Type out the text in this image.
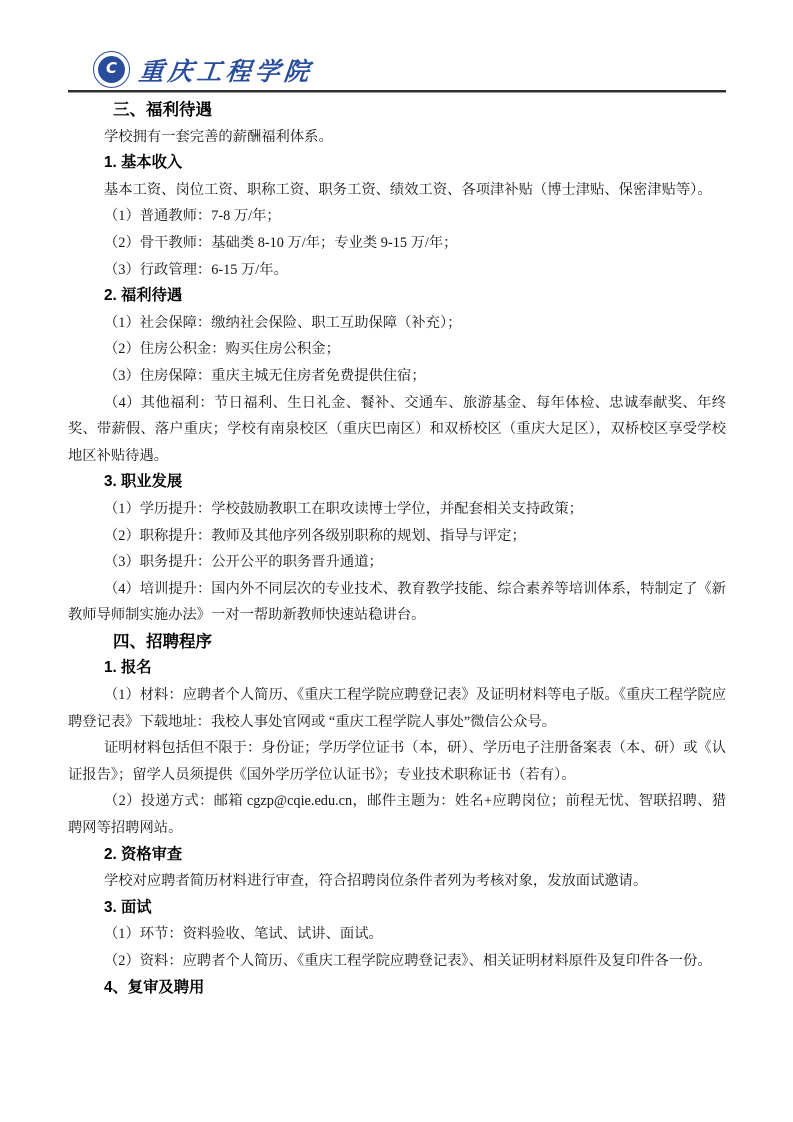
C 重庆工程学院

三、福利待遇

学校拥有一套完善的薪酬福利体系。

1. 基本收入

基本工资、岗位工资、职称工资、职务工资、绩效工资、各项津补贴（博士津贴、保密津贴等）。

（1）普通教师：7-8 万/年；

（2）骨干教师：基础类 8-10 万/年；专业类 9-15 万/年；

（3）行政管理：6-15 万/年。

2. 福利待遇

（1）社会保障：缴纳社会保险、职工互助保障（补充）；

（2）住房公积金：购买住房公积金；

（3）住房保障：重庆主城无住房者免费提供住宿；

（4）其他福利：节日福利、生日礼金、餐补、交通车、旅游基金、每年体检、忠诚奉献奖、年终奖、带薪假、落户重庆；学校有南泉校区（重庆巴南区）和双桥校区（重庆大足区），双桥校区享受学校地区补贴待遇。

3. 职业发展

（1）学历提升：学校鼓励教职工在职攻读博士学位，并配套相关支持政策；

（2）职称提升：教师及其他序列各级别职称的规划、指导与评定；

（3）职务提升：公开公平的职务晋升通道；

（4）培训提升：国内外不同层次的专业技术、教育教学技能、综合素养等培训体系，特制定了《新教师导师制实施办法》一对一帮助新教师快速站稳讲台。

四、招聘程序

1. 报名

（1）材料：应聘者个人简历、《重庆工程学院应聘登记表》及证明材料等电子版。《重庆工程学院应聘登记表》下载地址：我校人事处官网或 “重庆工程学院人事处”微信公众号。

证明材料包括但不限于：身份证；学历学位证书（本，研）、学历电子注册备案表（本、研）或《认证报告》；留学人员须提供《国外学历学位认证书》；专业技术职称证书（若有）。

（2）投递方式：邮箱 cgzp@cqie.edu.cn，邮件主题为：姓名+应聘岗位；前程无忧、智联招聘、猎聘网等招聘网站。

2. 资格审查

学校对应聘者简历材料进行审查，符合招聘岗位条件者列为考核对象，发放面试邀请。

3. 面试

（1）环节：资料验收、笔试、试讲、面试。

（2）资料：应聘者个人简历、《重庆工程学院应聘登记表》、相关证明材料原件及复印件各一份。

4、复审及聘用
